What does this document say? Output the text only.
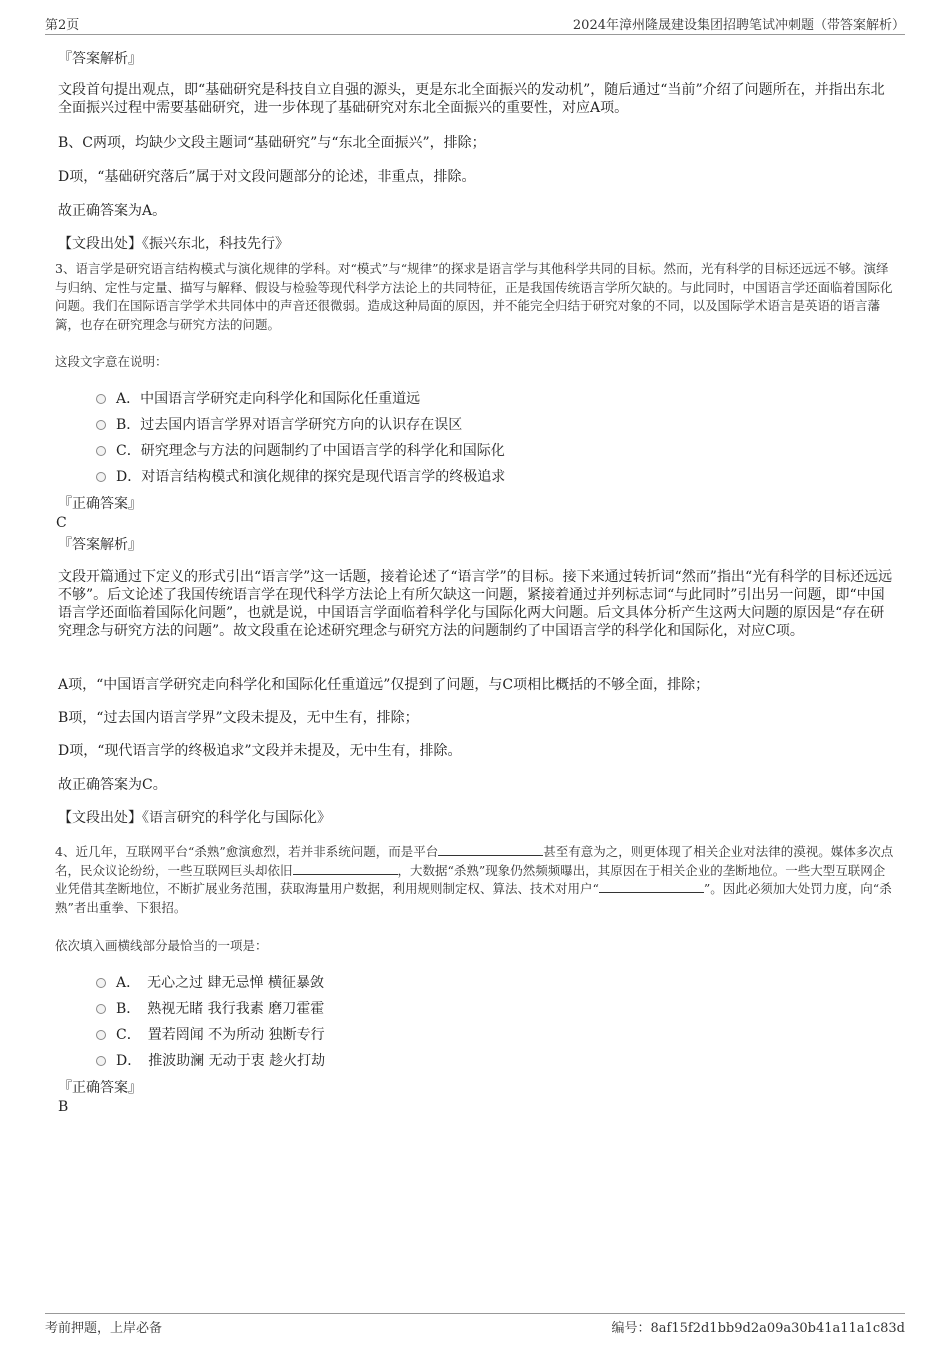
第2页	2024年漳州隆晟建设集团招聘笔试冲刺题（带答案解析）
『答案解析』
文段首句提出观点，即“基础研究是科技自立自强的源头，更是东北全面振兴的发动机”，随后通过“当前”介绍了问题所在，并指出东北全面振兴过程中需要基础研究，进一步体现了基础研究对东北全面振兴的重要性，对应A项。
B、C两项，均缺少文段主题词“基础研究”与“东北全面振兴”，排除；
D项，“基础研究落后”属于对文段问题部分的论述，非重点，排除。
故正确答案为A。
【文段出处】《振兴东北，科技先行》
3、语言学是研究语言结构模式与演化规律的学科。对“模式”与“规律”的探求是语言学与其他科学共同的目标。然而，光有科学的目标还远远不够。演绎与归纳、定性与定量、描写与解释、假设与检验等现代科学方法论上的共同特征，正是我国传统语言学所欠缺的。与此同时，中国语言学还面临着国际化问题。我们在国际语言学学术共同体中的声音还很微弱。造成这种局面的原因，并不能完全归结于研究对象的不同，以及国际学术语言是英语的语言藩篱，也存在研究理念与研究方法的问题。
这段文字意在说明：
A．中国语言学研究走向科学化和国际化任重道远
B．过去国内语言学界对语言学研究方向的认识存在误区
C．研究理念与方法的问题制约了中国语言学的科学化和国际化
D．对语言结构模式和演化规律的探究是现代语言学的终极追求
『正确答案』
C
『答案解析』
文段开篇通过下定义的形式引出“语言学”这一话题，接着论述了“语言学”的目标。接下来通过转折词“然而”指出“光有科学的目标还远远不够”。后文论述了我国传统语言学在现代科学方法论上有所欠缺这一问题，紧接着通过并列标志词“与此同时”引出另一问题，即“中国语言学还面临着国际化问题”，也就是说，中国语言学面临着科学化与国际化两大问题。后文具体分析产生这两大问题的原因是“存在研究理念与研究方法的问题”。故文段重在论述研究理念与研究方法的问题制约了中国语言学的科学化和国际化，对应C项。
A项，“中国语言学研究走向科学化和国际化任重道远”仅提到了问题，与C项相比概括的不够全面，排除；
B项，“过去国内语言学界”文段未提及，无中生有，排除；
D项，“现代语言学的终极追求”文段并未提及，无中生有，排除。
故正确答案为C。
【文段出处】《语言研究的科学化与国际化》
4、近几年，互联网平台“杀熟”愈演愈烈，若并非系统问题，而是平台	甚至有意为之，则更体现了相关企业对法律的漠视。媒体多次点名，民众议论纷纷，一些互联网巨头却依旧	，大数据“杀熟”现象仍然频频曝出，其原因在于相关企业的垄断地位。一些大型互联网企业凭借其垄断地位，不断扩展业务范围，获取海量用户数据，利用规则制定权、算法、技术对用户“	”。因此必须加大处罚力度，向“杀熟”者出重拳、下狠招。
依次填入画横线部分最恰当的一项是：
A．　无心之过 肆无忌惮 横征暴敛
B．　熟视无睹 我行我素 磨刀霍霍
C．　置若罔闻 不为所动 独断专行
D．　推波助澜 无动于衷 趁火打劫
『正确答案』
B
考前押题，上岸必备	编号：8af15f2d1bb9d2a09a30b41a11a1c83d
